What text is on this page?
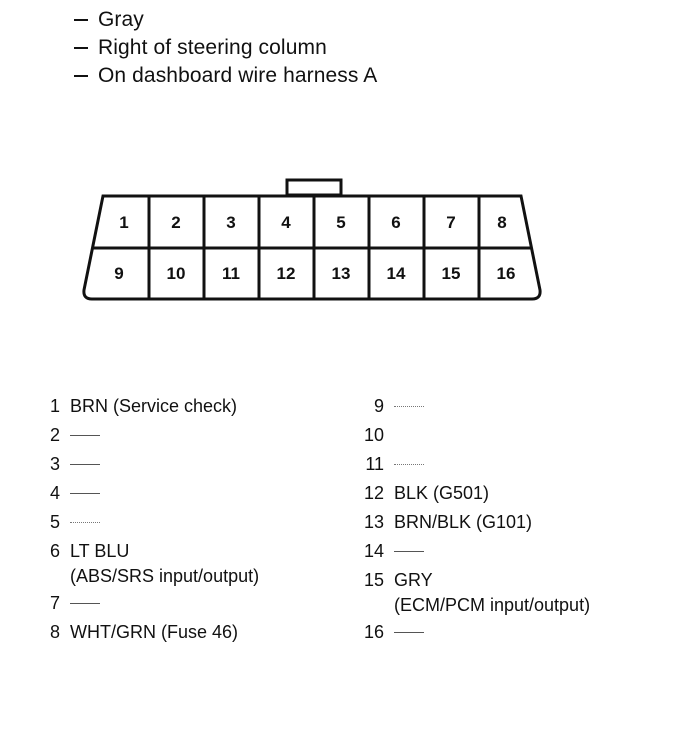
Gray
Right of steering column
On dashboard wire harness A
1	2	3	4	5	6	7 8
9	10 11 12 13 14 15 16
1 BRN (Service check)
2
3
4
5
6 LT BLU
(ABS/SRS input/output)
7
8 WHT/GRN (Fuse 46)
9
10
11
12 BLK (G501)
13 BRN/BLK (G101)
14
15 GRY
(ECM/PCM input/output)
16
